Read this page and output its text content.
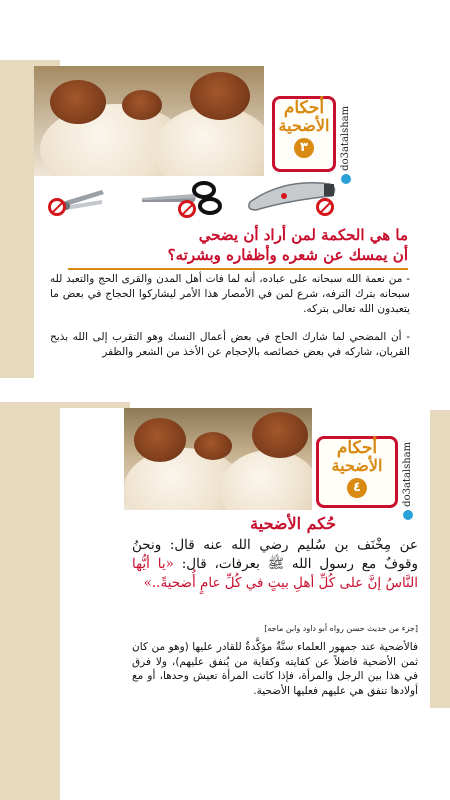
أحكام
الأضحية
٣	do3atalsham
ما هي الحكمة لمن أراد أن يضحي
أن يمسك عن شعره وأظفاره وبشرته؟
- من نعمة الله سبحانه على عباده، أنه لما فات أهل المدن والقرى الحج والتعبد لله سبحانه بترك الترفه، شرع لمن في الأمصار هذا الأمر ليشاركوا الحجاج في بعض ما يتعبدون الله تعالى بتركه.
- أن المضحي لما شارك الحاج في بعض أعمال النسك وهو التقرب إلى الله بذبح القربان، شاركه في بعض خصائصه بالإحجام عن الأخذ من الشعر والظفر
أحكام
الأضحية
٤	do3atalsham
حُكم الأضحية
عن مِخْنَف بن سُليم رضي الله عنه قال: ونحنُ وقوفٌ مع رسول الله ﷺ بعرفات، قال: «يا أيُّها النَّاسُ إنَّ على كُلِّ أهلِ بيتٍ في كُلِّ عامٍ أُضحيةً..»
[جزء من حديث حسن رواه أبو داود وابن ماجه]
فالأضحية عند جمهور العلماء سنَّةٌ مؤكَّدةٌ للقادر عليها (وهو من كان ثمن الأضحية فاضلاً عن كفايته وكفاية من يُنفق عليهم)، ولا فرق في هذا بين الرجل والمرأة، فإذا كانت المرأة تعيش وحدها، أو مع أولادها تنفق هي عليهم فعليها الأضحية.
